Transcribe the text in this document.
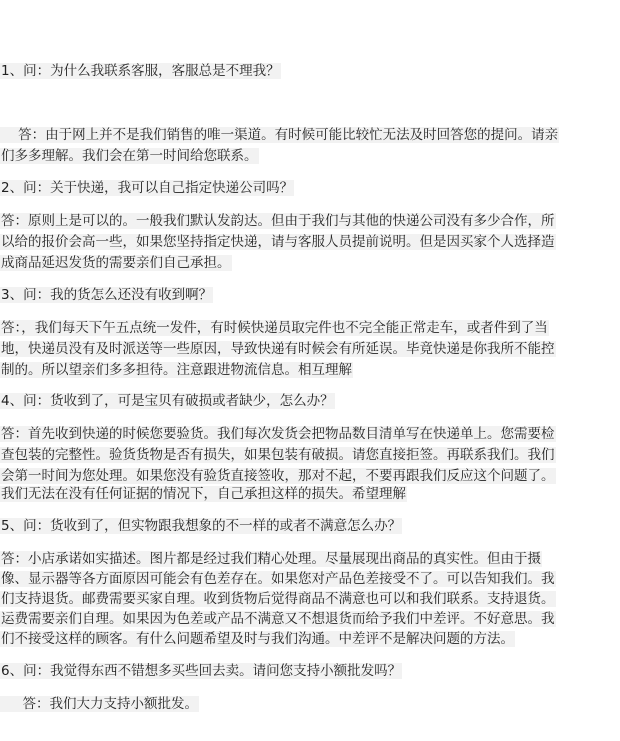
1、问：为什么我联系客服，客服总是不理我？

答：由于网上并不是我们销售的唯一渠道。有时候可能比较忙无法及时回答您的提问。请亲

们多多理解。我们会在第一时间给您联系。

2、问：关于快递，我可以自己指定快递公司吗？

答：原则上是可以的。一般我们默认发韵达。但由于我们与其他的快递公司没有多少合作，所

以给的报价会高一些，如果您坚持指定快递，请与客服人员提前说明。但是因买家个人选择造

成商品延迟发货的需要亲们自己承担。

3、问：我的货怎么还没有收到啊？

答：，我们每天下午五点统一发件，有时候快递员取完件也不完全能正常走车，或者件到了当

地，快递员没有及时派送等一些原因，导致快递有时候会有所延误。毕竟快递是你我所不能控

制的。所以望亲们多多担待。注意跟进物流信息。相互理解

4、问：货收到了，可是宝贝有破损或者缺少，怎么办？

答：首先收到快递的时候您要验货。我们每次发货会把物品数目清单写在快递单上。您需要检

查包装的完整性。验货货物是否有损失，如果包装有破损。请您直接拒签。再联系我们。我们

会第一时间为您处理。如果您没有验货直接签收，那对不起，不要再跟我们反应这个问题了。

我们无法在没有任何证据的情况下，自己承担这样的损失。希望理解

5、问：货收到了，但实物跟我想象的不一样的或者不满意怎么办？

答：小店承诺如实描述。图片都是经过我们精心处理。尽量展现出商品的真实性。但由于摄

像、显示器等各方面原因可能会有色差存在。如果您对产品色差接受不了。可以告知我们。我

们支持退货。邮费需要买家自理。收到货物后觉得商品不满意也可以和我们联系。支持退货。

运费需要亲们自理。如果因为色差或产品不满意又不想退货而给予我们中差评。不好意思。我

们不接受这样的顾客。有什么问题希望及时与我们沟通。中差评不是解决问题的方法。

6、问：我觉得东西不错想多买些回去卖。请问您支持小额批发吗？

答：我们大力支持小额批发。
